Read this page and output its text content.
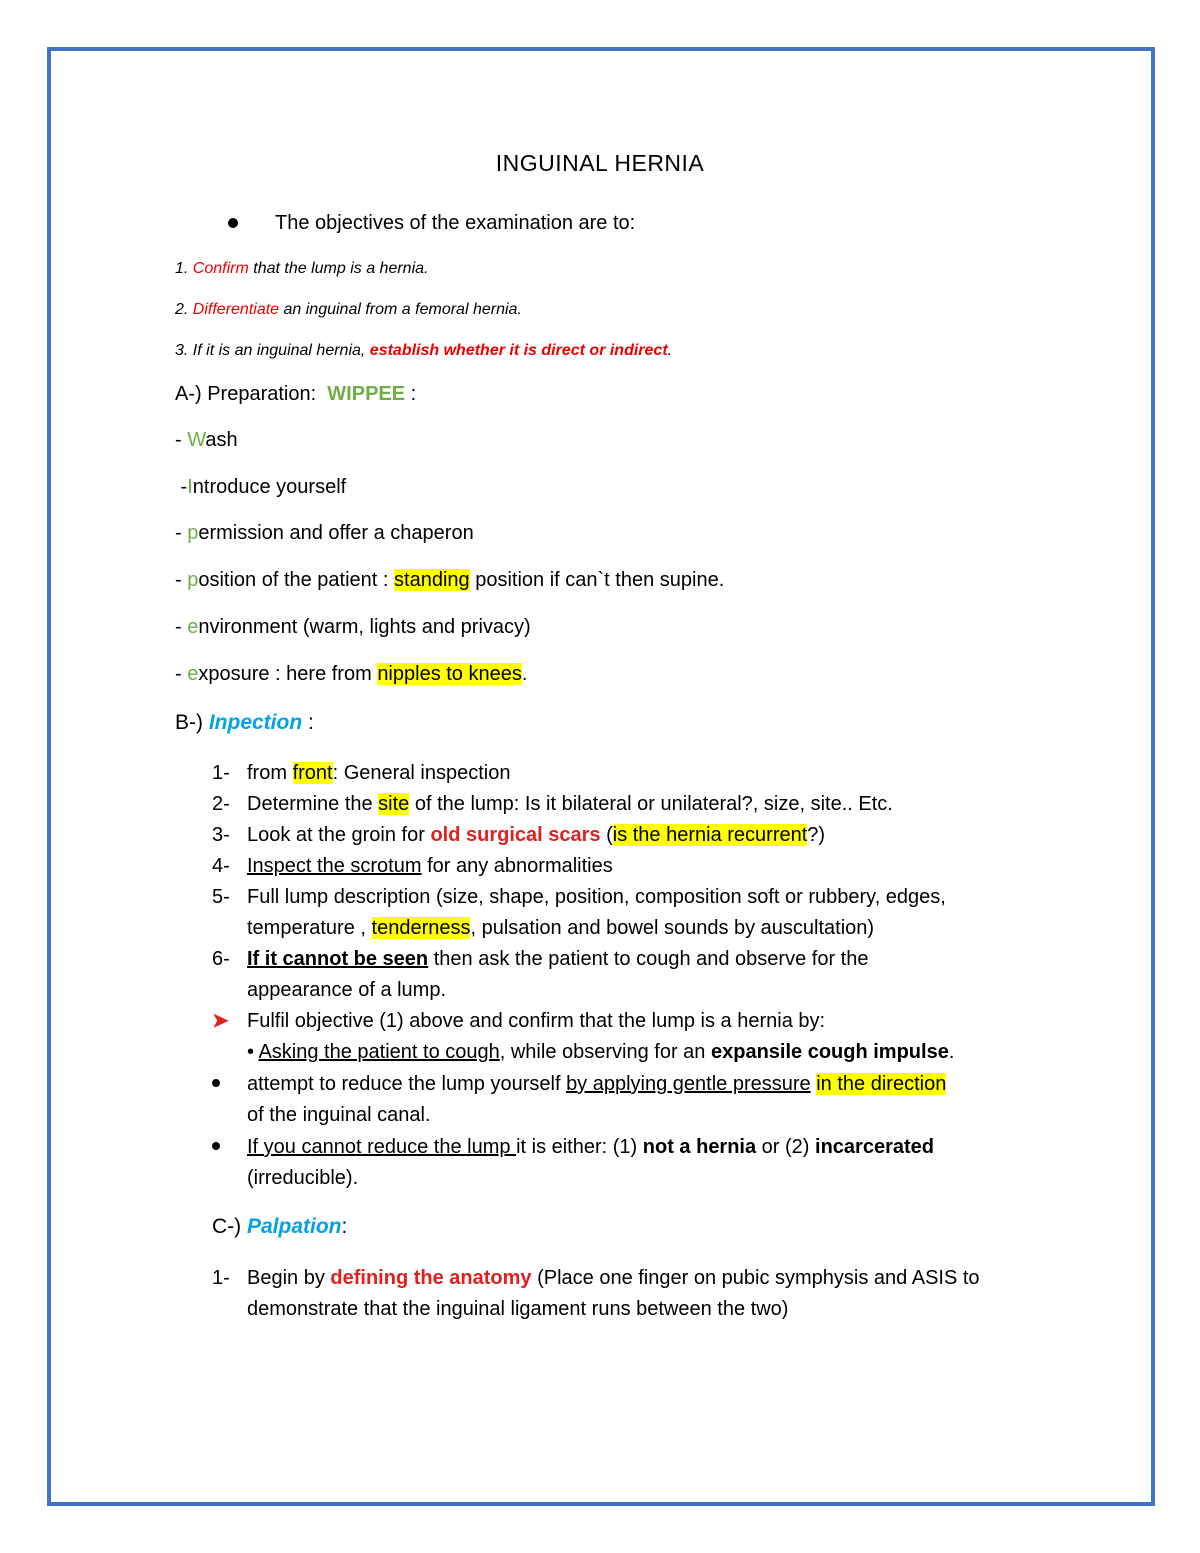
INGUINAL HERNIA
The objectives of the examination are to:
1. Confirm that the lump is a hernia.
2. Differentiate an inguinal from a femoral hernia.
3. If it is an inguinal hernia, establish whether it is direct or indirect.
A-) Preparation: WIPPEE :
- Wash
-Introduce yourself
- permission and offer a chaperon
- position of the patient : standing position if can`t then supine.
- environment (warm, lights and privacy)
- exposure : here from nipples to knees.
B-) Inpection :
1- from front: General inspection
2- Determine the site of the lump: Is it bilateral or unilateral?, size, site.. Etc.
3- Look at the groin for old surgical scars (is the hernia recurrent?)
4- Inspect the scrotum for any abnormalities
5- Full lump description (size, shape, position, composition soft or rubbery, edges,
temperature , tenderness, pulsation and bowel sounds by auscultation)
6- If it cannot be seen then ask the patient to cough and observe for the
appearance of a lump.
➤ Fulfil objective (1) above and confirm that the lump is a hernia by:
• Asking the patient to cough, while observing for an expansile cough impulse.
attempt to reduce the lump yourself by applying gentle pressure in the direction
of the inguinal canal.
If you cannot reduce the lump it is either: (1) not a hernia or (2) incarcerated
(irreducible).
C-) Palpation:
1- Begin by defining the anatomy (Place one finger on pubic symphysis and ASIS to
demonstrate that the inguinal ligament runs between the two)
